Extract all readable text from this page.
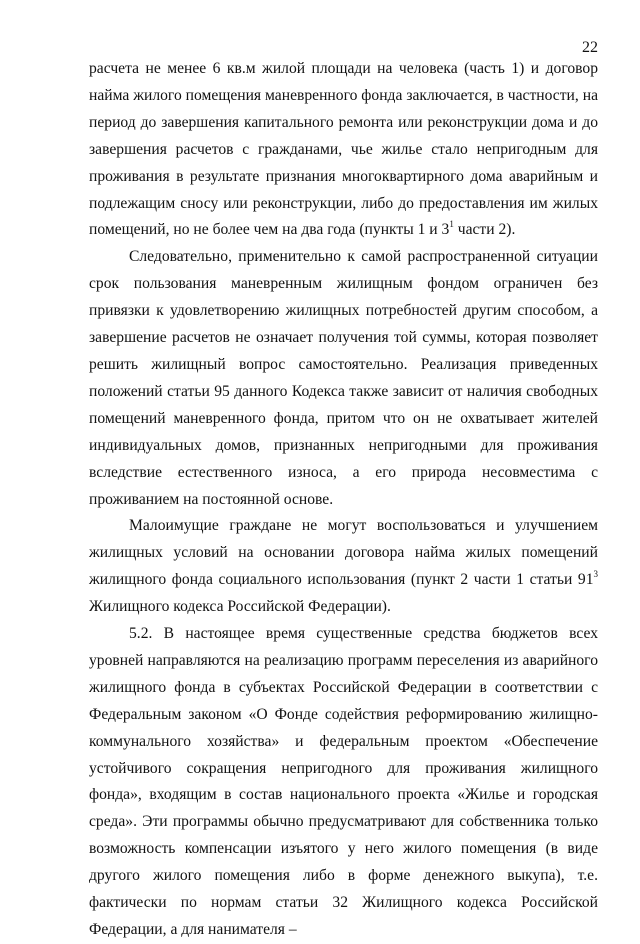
22

расчета не менее 6 кв.м жилой площади на человека (часть 1) и договор найма жилого помещения маневренного фонда заключается, в частности, на период до завершения капитального ремонта или реконструкции дома и до завершения расчетов с гражданами, чье жилье стало непригодным для проживания в результате признания многоквартирного дома аварийным и подлежащим сносу или реконструкции, либо до предоставления им жилых помещений, но не более чем на два года (пункты 1 и $3^1$ части 2).

Следовательно, применительно к самой распространенной ситуации срок пользования маневренным жилищным фондом ограничен без привязки к удовлетворению жилищных потребностей другим способом, а завершение расчетов не означает получения той суммы, которая позволяет решить жилищный вопрос самостоятельно. Реализация приведенных положений статьи 95 данного Кодекса также зависит от наличия свободных помещений маневренного фонда, притом что он не охватывает жителей индивидуальных домов, признанных непригодными для проживания вследствие естественного износа, а его природа несовместима с проживанием на постоянной основе.

Малоимущие граждане не могут воспользоваться и улучшением жилищных условий на основании договора найма жилых помещений жилищного фонда социального использования (пункт 2 части 1 статьи $91^3$ Жилищного кодекса Российской Федерации).

5.2. В настоящее время существенные средства бюджетов всех уровней направляются на реализацию программ переселения из аварийного жилищного фонда в субъектах Российской Федерации в соответствии с Федеральным законом «О Фонде содействия реформированию жилищно-коммунального хозяйства» и федеральным проектом «Обеспечение устойчивого сокращения непригодного для проживания жилищного фонда», входящим в состав национального проекта «Жилье и городская среда». Эти программы обычно предусматривают для собственника только возможность компенсации изъятого у него жилого помещения (в виде другого жилого помещения либо в форме денежного выкупа), т.е. фактически по нормам статьи 32 Жилищного кодекса Российской Федерации, а для нанимателя –
